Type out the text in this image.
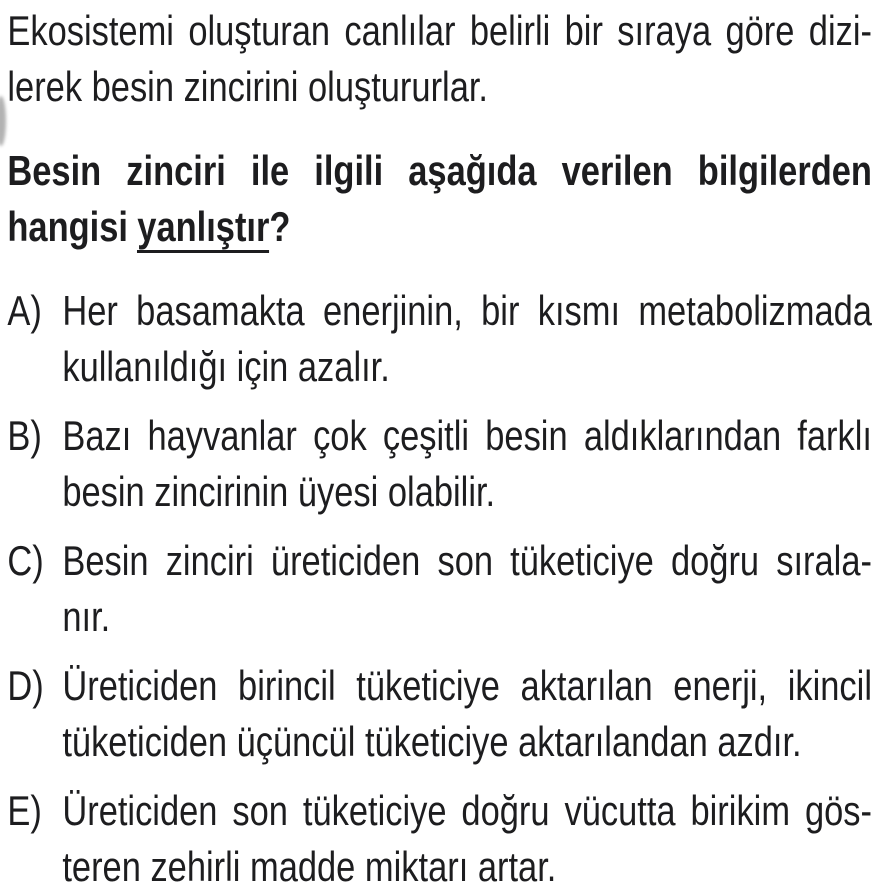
Ekosistemi oluşturan canlılar belirli bir sıraya göre dizi-
lerek besin zincirini oluştururlar.
Besin zinciri ile ilgili aşağıda verilen bilgilerden
hangisi yanlıştır?
A) Her basamakta enerjinin, bir kısmı metabolizmada
kullanıldığı için azalır.
B) Bazı hayvanlar çok çeşitli besin aldıklarından farklı
besin zincirinin üyesi olabilir.
C) Besin zinciri üreticiden son tüketiciye doğru sırala-
nır.
D) Üreticiden birincil tüketiciye aktarılan enerji, ikincil
tüketiciden üçüncül tüketiciye aktarılandan azdır.
E) Üreticiden son tüketiciye doğru vücutta birikim gös-
teren zehirli madde miktarı artar.
